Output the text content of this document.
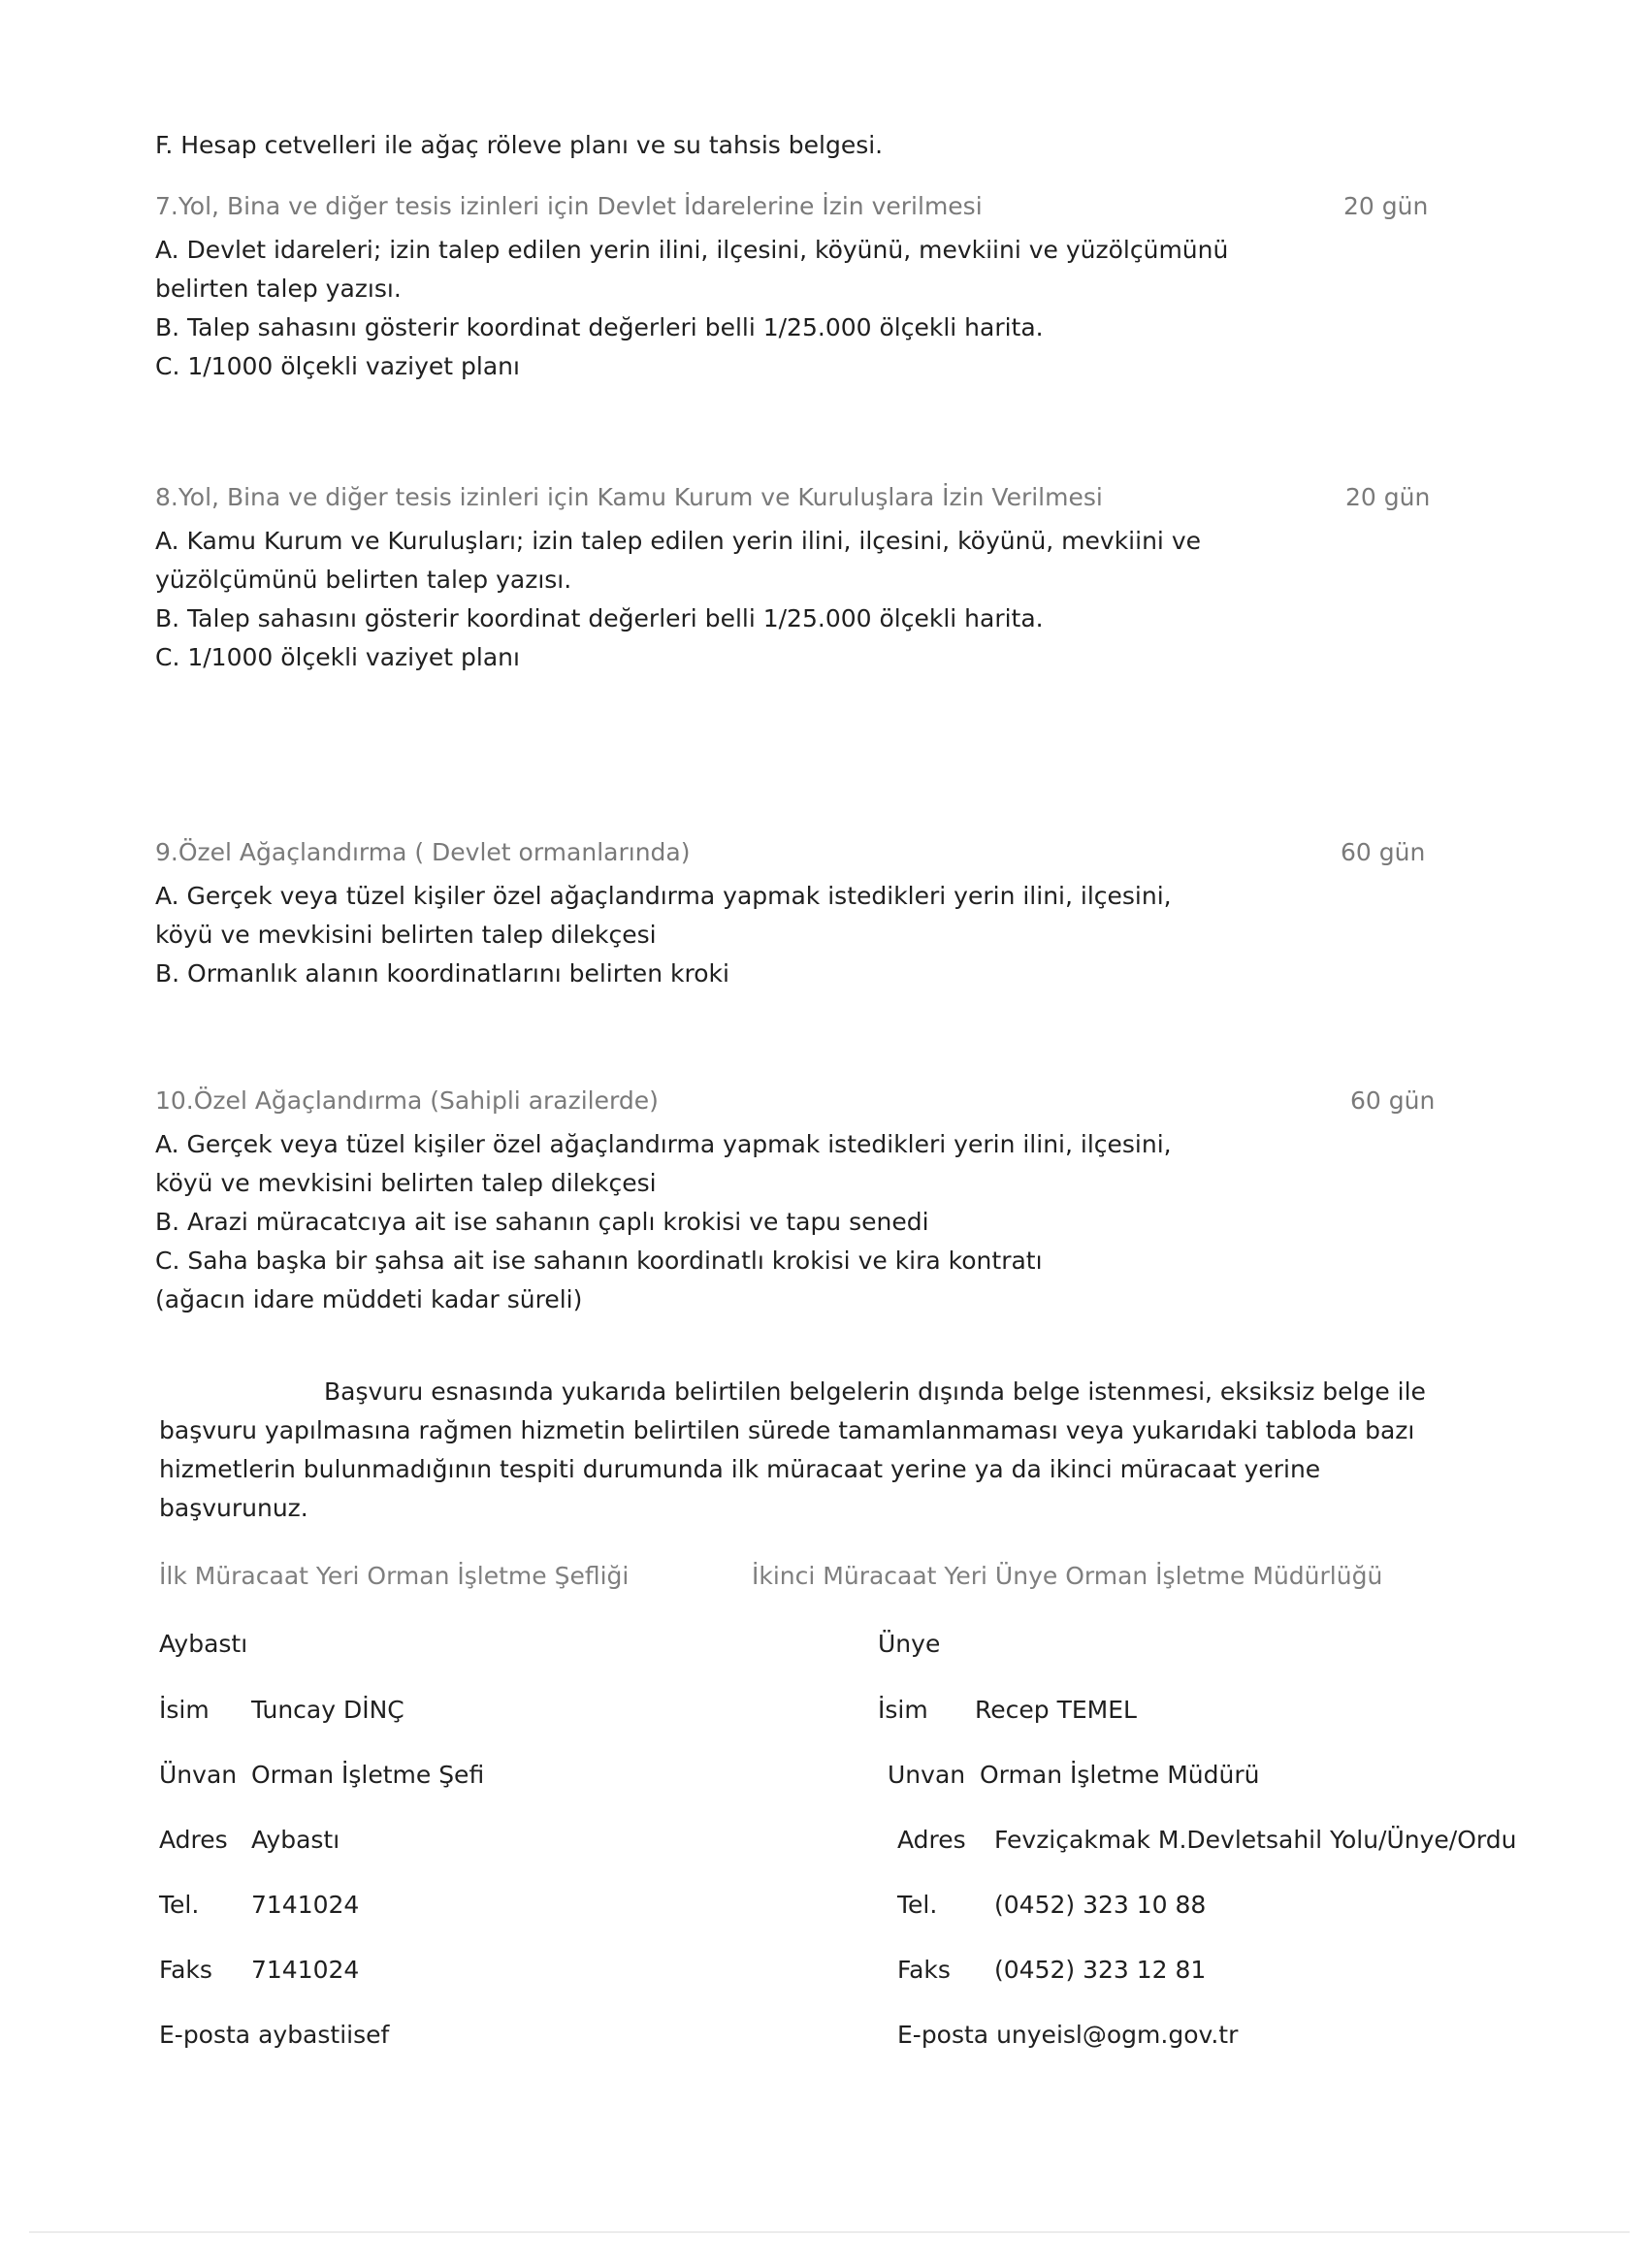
F. Hesap cetvelleri ile ağaç röleve planı ve su tahsis belgesi.
7.Yol, Bina ve diğer tesis izinleri için Devlet İdarelerine İzin verilmesi	20 gün
A. Devlet idareleri; izin talep edilen yerin ilini, ilçesini, köyünü, mevkiini ve yüzölçümünü
belirten talep yazısı.
B. Talep sahasını gösterir koordinat değerleri belli 1/25.000 ölçekli harita.
C. 1/1000 ölçekli vaziyet planı
8.Yol, Bina ve diğer tesis izinleri için Kamu Kurum ve Kuruluşlara İzin Verilmesi	20 gün
A. Kamu Kurum ve Kuruluşları; izin talep edilen yerin ilini, ilçesini, köyünü, mevkiini ve
yüzölçümünü belirten talep yazısı.
B. Talep sahasını gösterir koordinat değerleri belli 1/25.000 ölçekli harita.
C. 1/1000 ölçekli vaziyet planı
9.Özel Ağaçlandırma ( Devlet ormanlarında)	60 gün
A. Gerçek veya tüzel kişiler özel ağaçlandırma yapmak istedikleri yerin ilini, ilçesini,
köyü ve mevkisini belirten talep dilekçesi
B. Ormanlık alanın koordinatlarını belirten kroki
10.Özel Ağaçlandırma (Sahipli arazilerde)	60 gün
A. Gerçek veya tüzel kişiler özel ağaçlandırma yapmak istedikleri yerin ilini, ilçesini,
köyü ve mevkisini belirten talep dilekçesi
B. Arazi müracatcıya ait ise sahanın çaplı krokisi ve tapu senedi
C. Saha başka bir şahsa ait ise sahanın koordinatlı krokisi ve kira kontratı
(ağacın idare müddeti kadar süreli)
Başvuru esnasında yukarıda belirtilen belgelerin dışında belge istenmesi, eksiksiz belge ile başvuru yapılmasına rağmen hizmetin belirtilen sürede tamamlanmaması veya yukarıdaki tabloda bazı hizmetlerin bulunmadığının tespiti durumunda ilk müracaat yerine ya da ikinci müracaat yerine başvurunuz.
İlk Müracaat Yeri Orman İşletme Şefliği
Aybastı
İsim Tuncay DİNÇ
Ünvan Orman İşletme Şefi
Adres Aybastı
Tel. 7141024
Faks 7141024
E-posta aybastiisef
İkinci Müracaat Yeri Ünye Orman İşletme Müdürlüğü
Ünye
İsim Recep TEMEL
Unvan Orman İşletme Müdürü
Adres Fevziçakmak M.Devletsahil Yolu/Ünye/Ordu
Tel. (0452) 323 10 88
Faks (0452) 323 12 81
E-posta unyeisl@ogm.gov.tr
